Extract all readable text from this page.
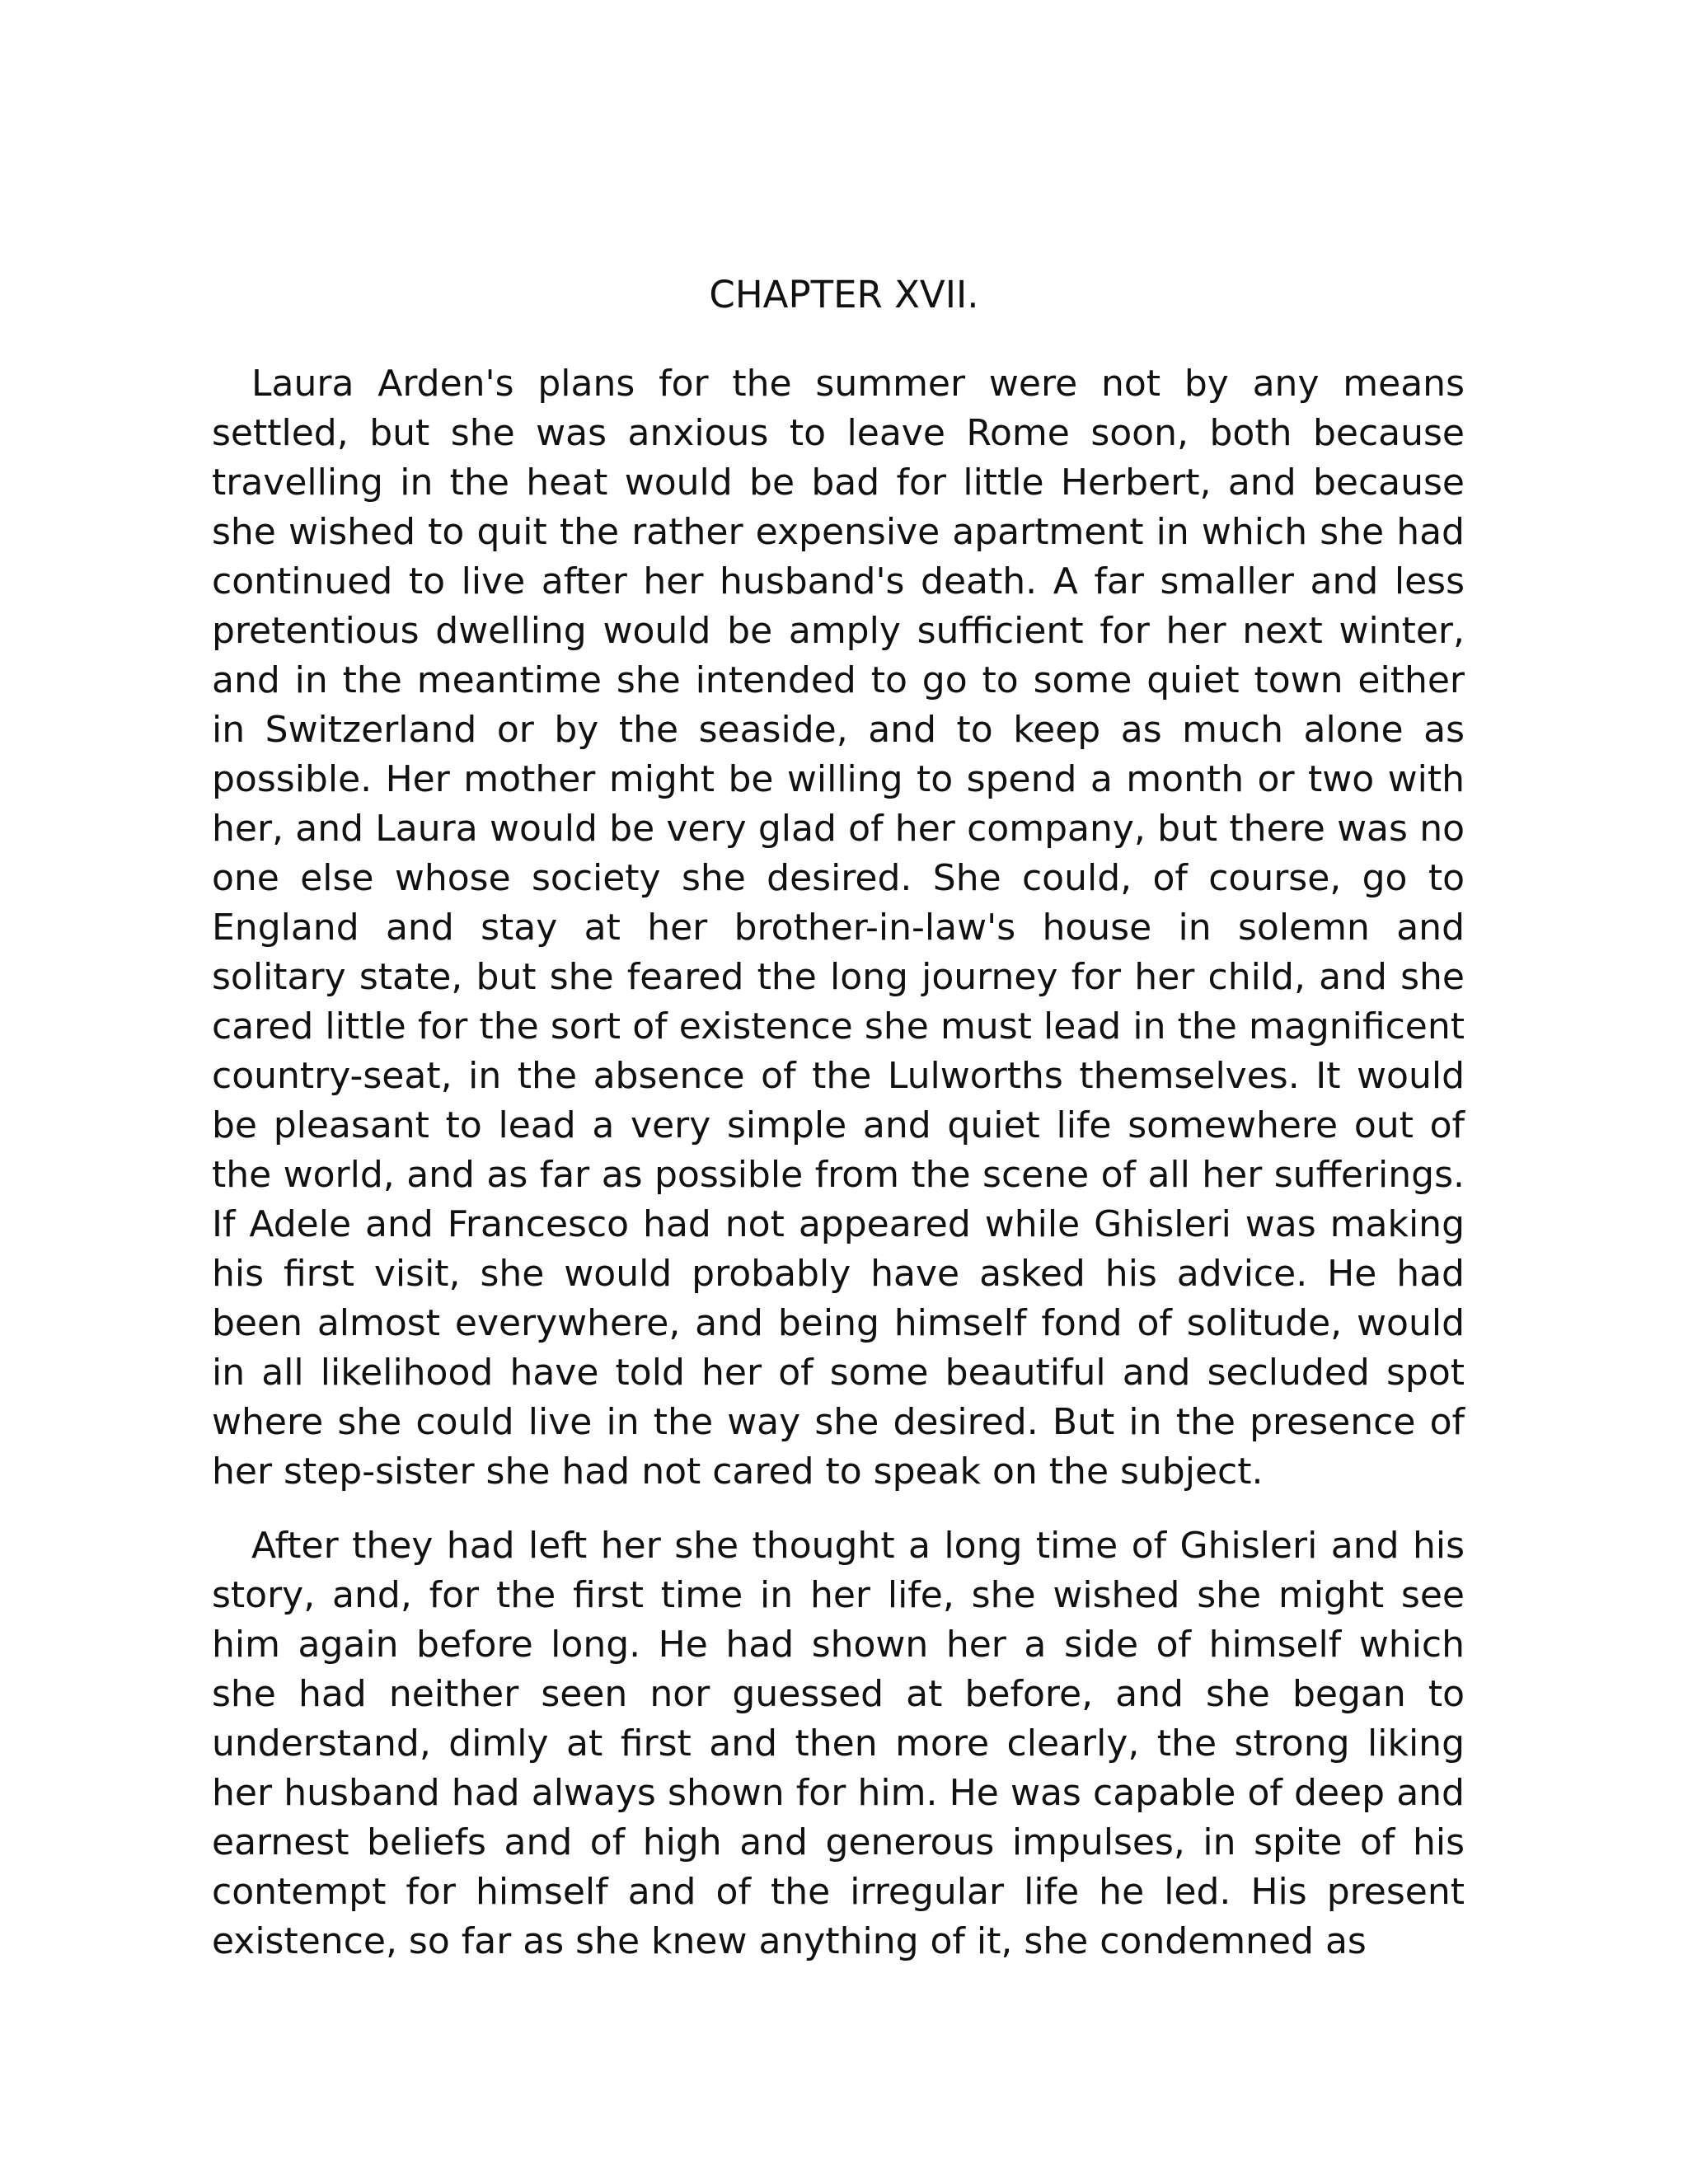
CHAPTER XVII.

Laura Arden's plans for the summer were not by any means settled, but she was anxious to leave Rome soon, both because travelling in the heat would be bad for little Herbert, and because she wished to quit the rather expensive apartment in which she had continued to live after her husband's death. A far smaller and less pretentious dwelling would be amply sufficient for her next winter, and in the meantime she intended to go to some quiet town either in Switzerland or by the seaside, and to keep as much alone as possible. Her mother might be willing to spend a month or two with her, and Laura would be very glad of her company, but there was no one else whose society she desired. She could, of course, go to England and stay at her brother-in-law's house in solemn and solitary state, but she feared the long journey for her child, and she cared little for the sort of existence she must lead in the magnificent country-seat, in the absence of the Lulworths themselves. It would be pleasant to lead a very simple and quiet life somewhere out of the world, and as far as possible from the scene of all her sufferings. If Adele and Francesco had not appeared while Ghisleri was making his first visit, she would probably have asked his advice. He had been almost everywhere, and being himself fond of solitude, would in all likelihood have told her of some beautiful and secluded spot where she could live in the way she desired. But in the presence of her step-sister she had not cared to speak on the subject.

After they had left her she thought a long time of Ghisleri and his story, and, for the first time in her life, she wished she might see him again before long. He had shown her a side of himself which she had neither seen nor guessed at before, and she began to understand, dimly at first and then more clearly, the strong liking her husband had always shown for him. He was capable of deep and earnest beliefs and of high and generous impulses, in spite of his contempt for himself and of the irregular life he led. His present existence, so far as she knew anything of it, she condemned as
